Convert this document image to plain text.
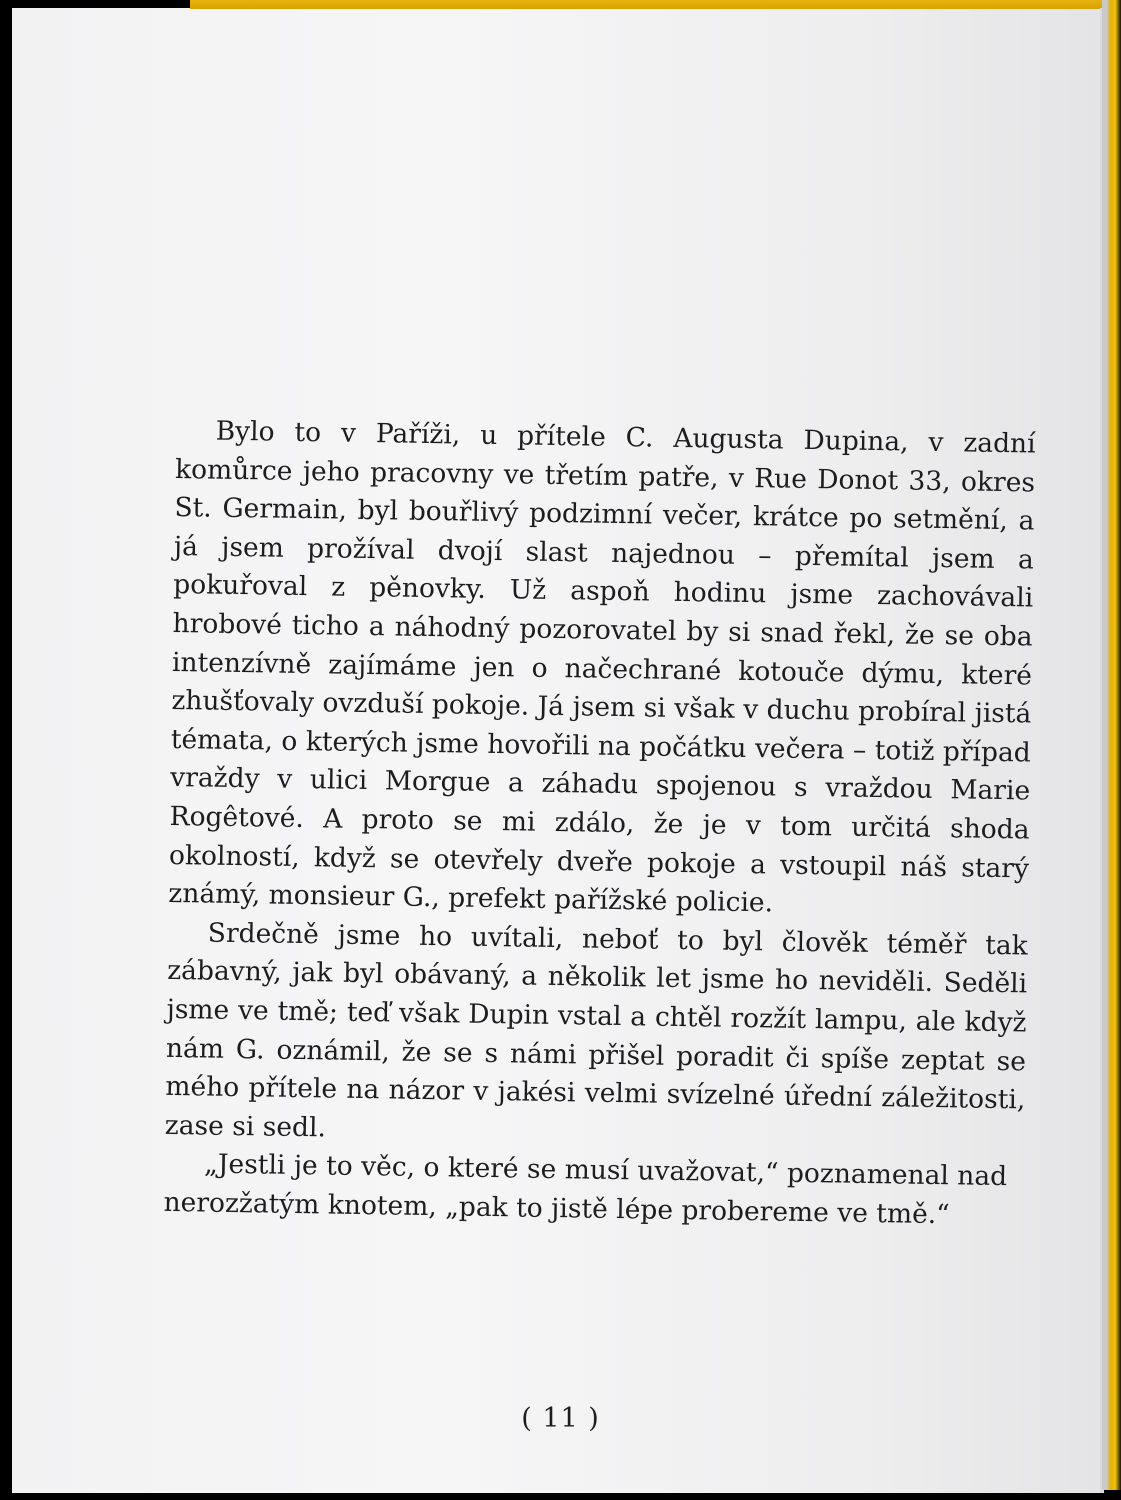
Bylo to v Paříži, u přítele C. Augusta Dupina, v zadní komůrce jeho pracovny ve třetím patře, v Rue Donot 33, okres St. Germain, byl bouřlivý podzimní večer, krátce po setmění, a já jsem prožíval dvojí slast najednou – přemítal jsem a pokuřoval z pěnovky. Už aspoň hodinu jsme zachovávali hrobové ticho a náhodný pozorovatel by si snad řekl, že se oba intenzívně zajímáme jen o načechrané kotouče dýmu, které zhušťovaly ovzduší pokoje. Já jsem si však v duchu probíral jistá témata, o kterých jsme hovořili na počátku večera – totiž případ vraždy v ulici Morgue a záhadu spojenou s vraždou Marie Rogêtové. A proto se mi zdálo, že je v tom určitá shoda okolností, když se otevřely dveře pokoje a vstoupil náš starý známý, monsieur G., prefekt pařížské policie.

Srdečně jsme ho uvítali, neboť to byl člověk téměř tak zábavný, jak byl obávaný, a několik let jsme ho neviděli. Seděli jsme ve tmě; teď však Dupin vstal a chtěl rozžít lampu, ale když nám G. oznámil, že se s námi přišel poradit či spíše zeptat se mého přítele na názor v jakési velmi svízelné úřední záležitosti, zase si sedl.

„Jestli je to věc, o které se musí uvažovat,“ poznamenal nad nerozžatým knotem, „pak to jistě lépe probereme ve tmě.“

( 11 )
